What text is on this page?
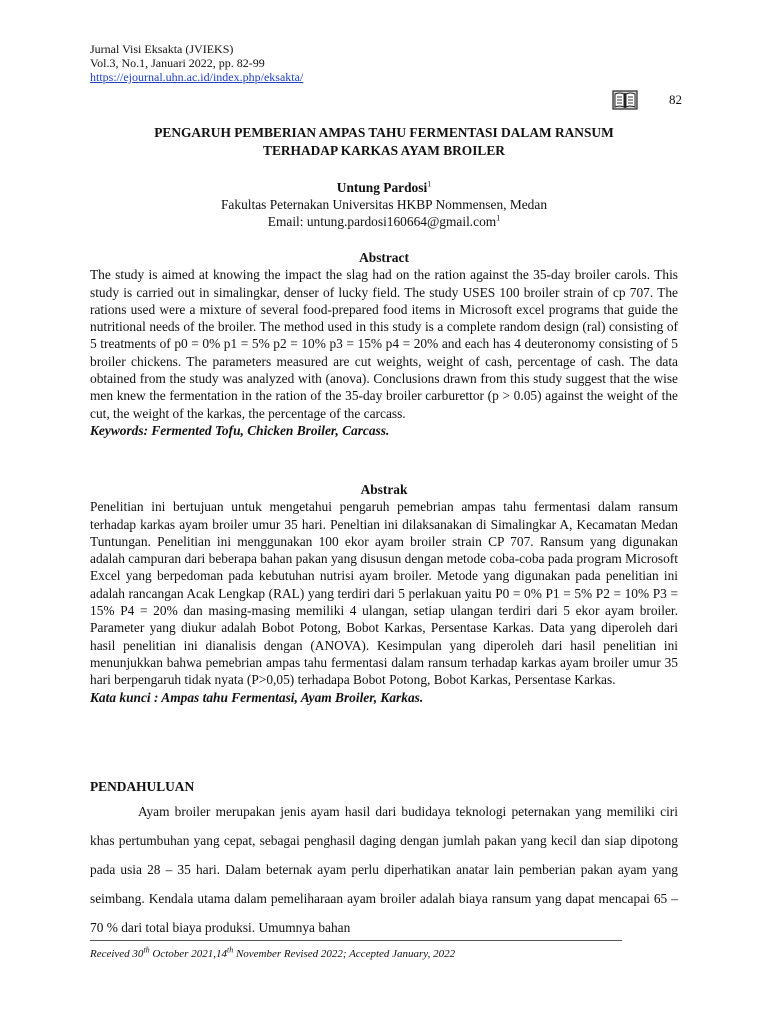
Jurnal Visi Eksakta (JVIEKS)
Vol.3, No.1, Januari 2022, pp. 82-99
https://ejournal.uhn.ac.id/index.php/eksakta/
82
PENGARUH PEMBERIAN AMPAS TAHU FERMENTASI DALAM RANSUM
TERHADAP KARKAS AYAM BROILER
Untung Pardosi$^1$
Fakultas Peternakan Universitas HKBP Nommensen, Medan
Email: untung.pardosi160664@gmail.com$^1$
Abstract

The study is aimed at knowing the impact the slag had on the ration against the 35-day broiler carols. This study is carried out in simalingkar, denser of lucky field. The study USES 100 broiler strain of cp 707. The rations used were a mixture of several food-prepared food items in Microsoft excel programs that guide the nutritional needs of the broiler. The method used in this study is a complete random design (ral) consisting of 5 treatments of p0 = 0% p1 = 5% p2 = 10% p3 = 15% p4 = 20% and each has 4 deuteronomy consisting of 5 broiler chickens. The parameters measured are cut weights, weight of cash, percentage of cash. The data obtained from the study was analyzed with (anova). Conclusions drawn from this study suggest that the wise men knew the fermentation in the ration of the 35-day broiler carburettor (p > 0.05) against the weight of the cut, the weight of the karkas, the percentage of the carcass.

Keywords: Fermented Tofu, Chicken Broiler, Carcass.

Abstrak

Penelitian ini bertujuan untuk mengetahui pengaruh pemebrian ampas tahu fermentasi dalam ransum terhadap karkas ayam broiler umur 35 hari. Peneltian ini dilaksanakan di Simalingkar A, Kecamatan Medan Tuntungan. Penelitian ini menggunakan 100 ekor ayam broiler strain CP 707. Ransum yang digunakan adalah campuran dari beberapa bahan pakan yang disusun dengan metode coba-coba pada program Microsoft Excel yang berpedoman pada kebutuhan nutrisi ayam broiler. Metode yang digunakan pada penelitian ini adalah rancangan Acak Lengkap (RAL) yang terdiri dari 5 perlakuan yaitu P0 = 0% P1 = 5% P2 = 10% P3 = 15% P4 = 20% dan masing-masing memiliki 4 ulangan, setiap ulangan terdiri dari 5 ekor ayam broiler. Parameter yang diukur adalah Bobot Potong, Bobot Karkas, Persentase Karkas. Data yang diperoleh dari hasil penelitian ini dianalisis dengan (ANOVA). Kesimpulan yang diperoleh dari hasil penelitian ini menunjukkan bahwa pemebrian ampas tahu fermentasi dalam ransum terhadap karkas ayam broiler umur 35 hari berpengaruh tidak nyata (P>0,05) terhadapa Bobot Potong, Bobot Karkas, Persentase Karkas.

Kata kunci : Ampas tahu Fermentasi, Ayam Broiler, Karkas.

PENDAHULUAN

Ayam broiler merupakan jenis ayam hasil dari budidaya teknologi peternakan yang memiliki ciri khas pertumbuhan yang cepat, sebagai penghasil daging dengan jumlah pakan yang kecil dan siap dipotong pada usia 28 – 35 hari. Dalam beternak ayam perlu diperhatikan anatar lain pemberian pakan ayam yang seimbang. Kendala utama dalam pemeliharaan ayam broiler adalah biaya ransum yang dapat mencapai 65 – 70 % dari total biaya produksi. Umumnya bahan

Received 30th October 2021,14th November Revised 2022; Accepted January, 2022
